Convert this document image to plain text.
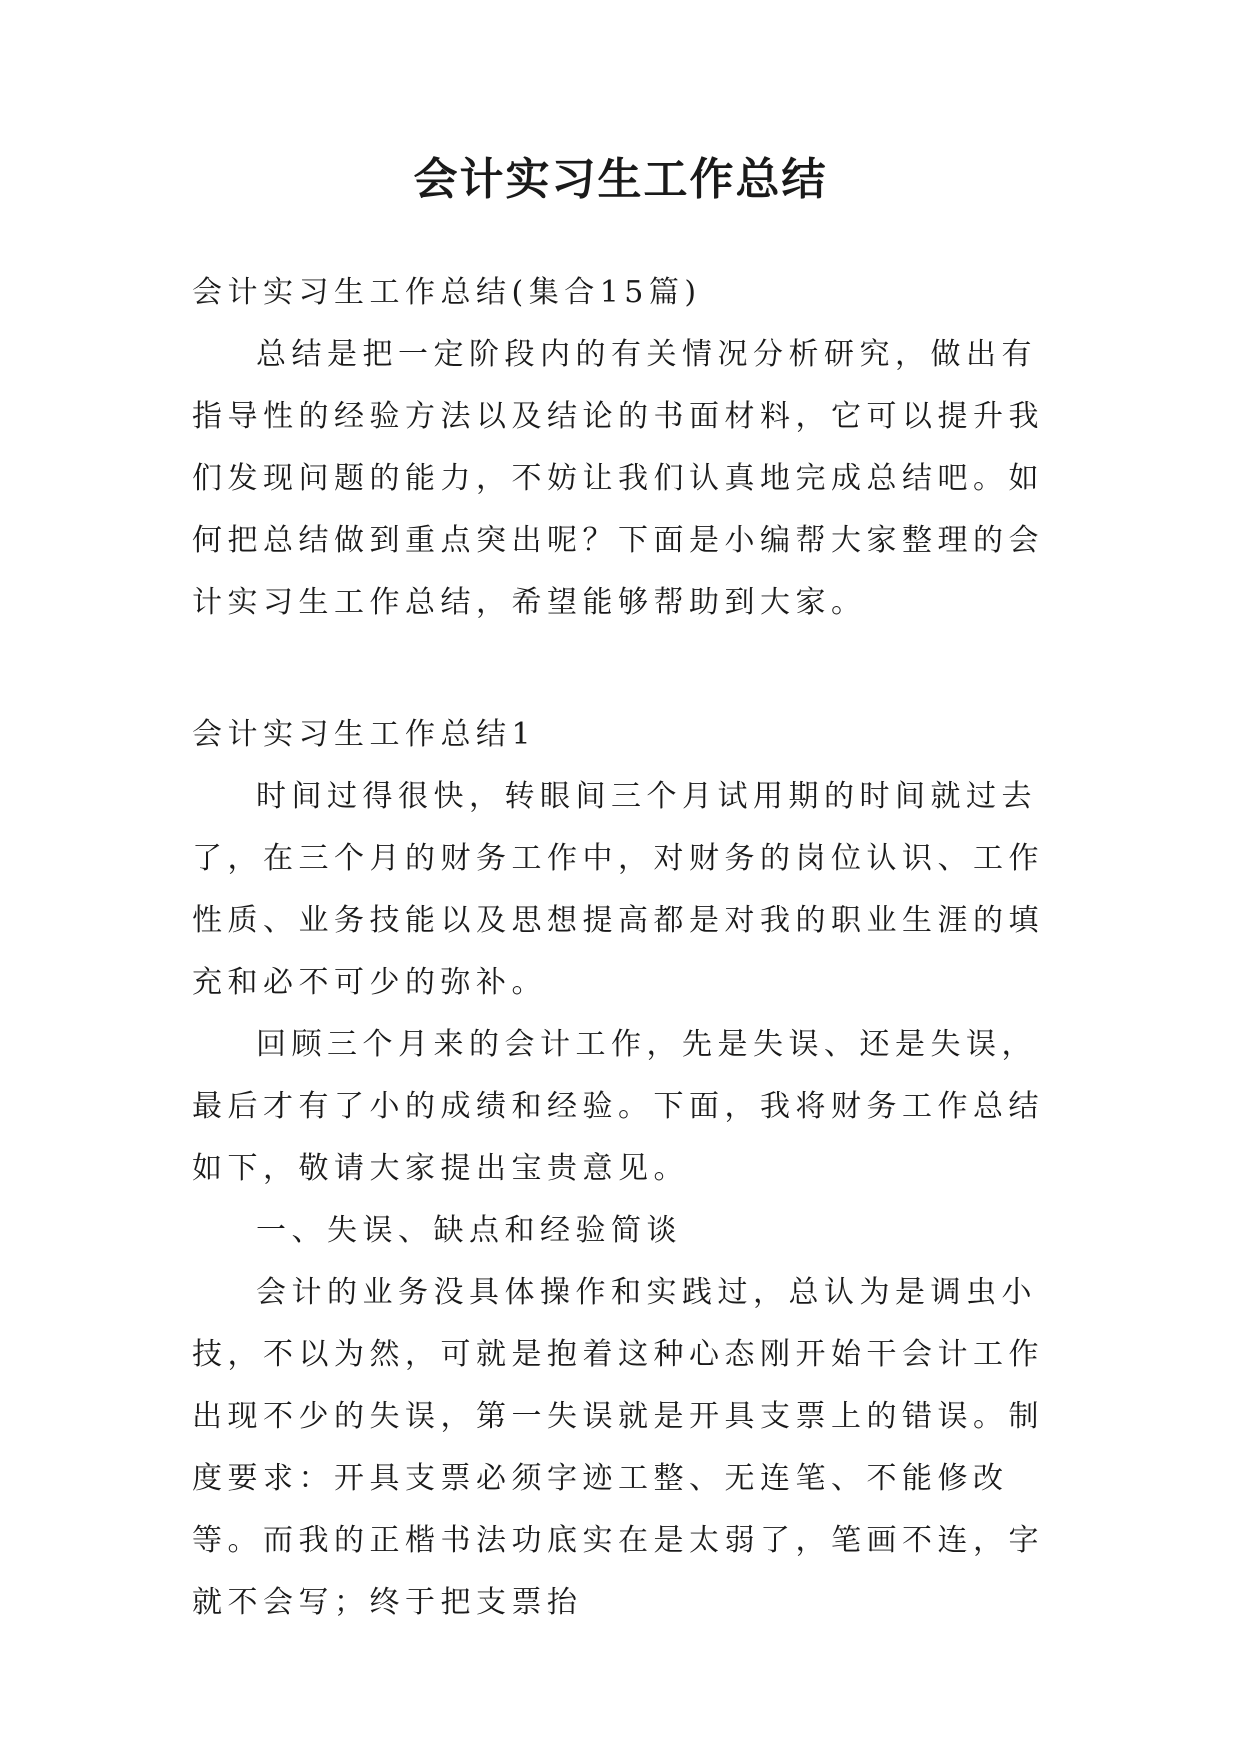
会计实习生工作总结

会计实习生工作总结(集合15篇)

总结是把一定阶段内的有关情况分析研究，做出有指导性的经验方法以及结论的书面材料，它可以提升我们发现问题的能力，不妨让我们认真地完成总结吧。如何把总结做到重点突出呢？下面是小编帮大家整理的会计实习生工作总结，希望能够帮助到大家。

会计实习生工作总结1

时间过得很快，转眼间三个月试用期的时间就过去了，在三个月的财务工作中，对财务的岗位认识、工作性质、业务技能以及思想提高都是对我的职业生涯的填充和必不可少的弥补。

回顾三个月来的会计工作，先是失误、还是失误，最后才有了小的成绩和经验。下面，我将财务工作总结如下，敬请大家提出宝贵意见。

一、失误、缺点和经验简谈

会计的业务没具体操作和实践过，总认为是调虫小技，不以为然，可就是抱着这种心态刚开始干会计工作出现不少的失误，第一失误就是开具支票上的错误。制度要求：开具支票必须字迹工整、无连笔、不能修改等。而我的正楷书法功底实在是太弱了，笔画不连，字就不会写；终于把支票抬
